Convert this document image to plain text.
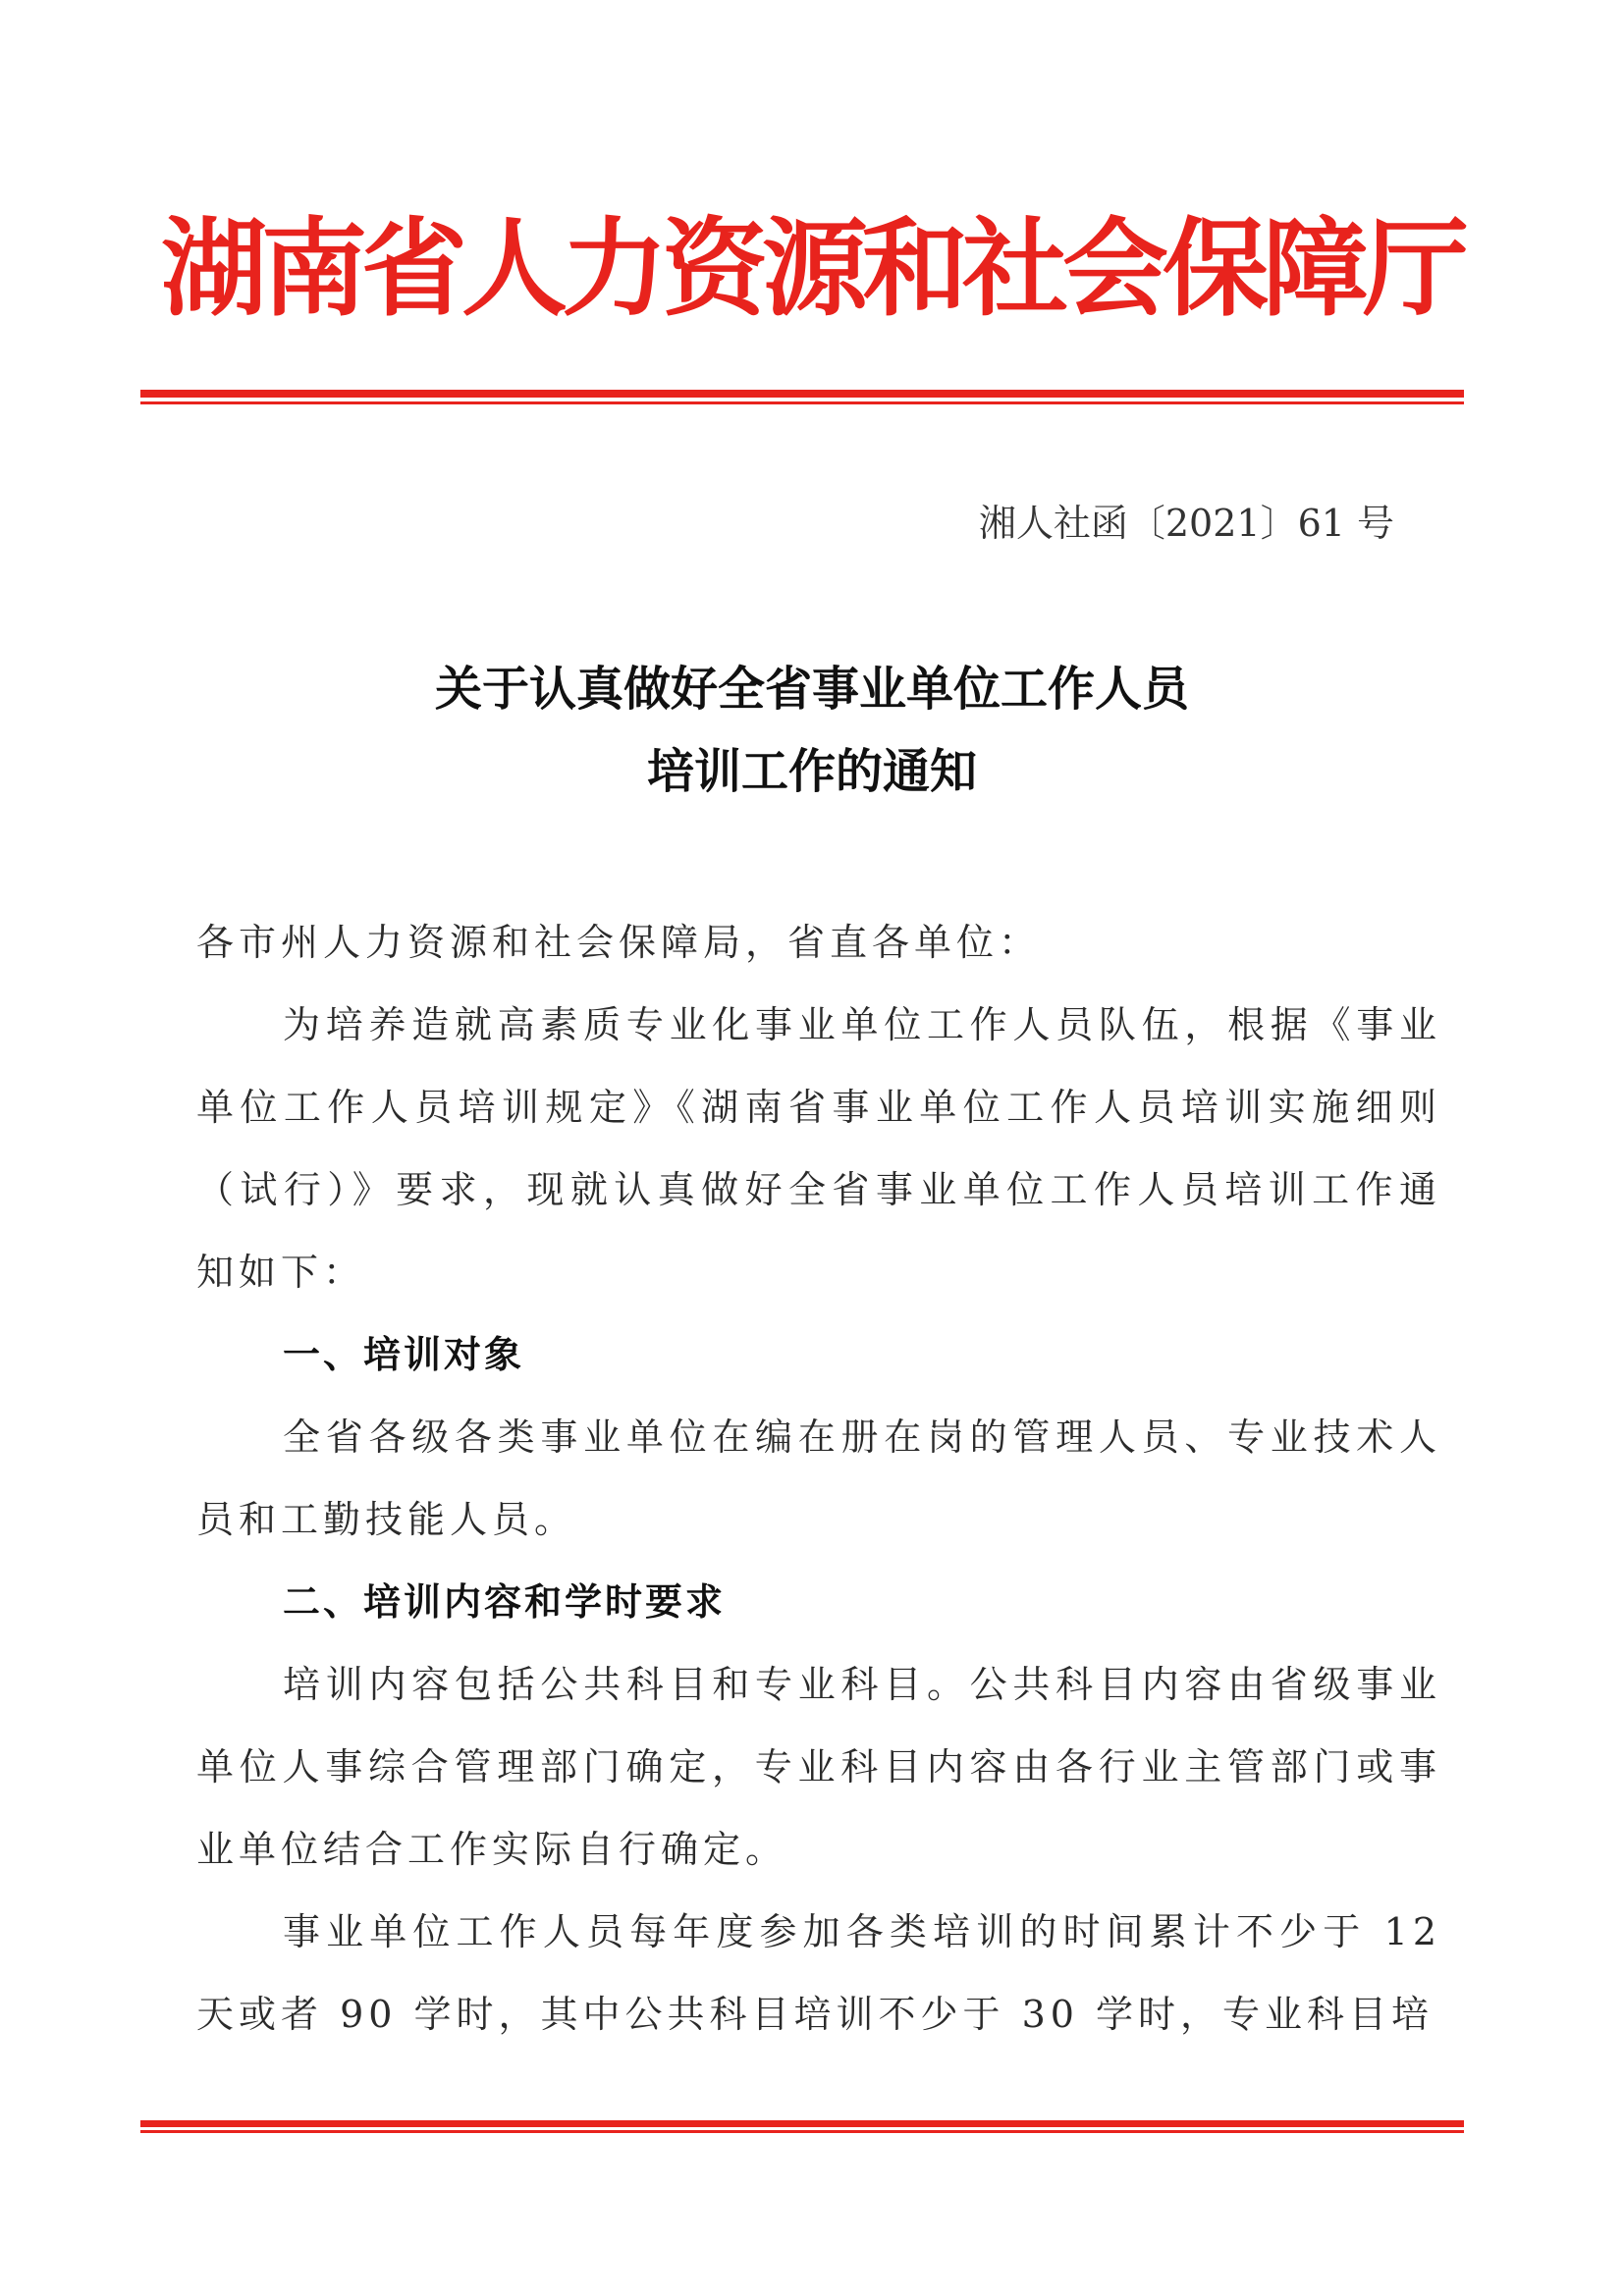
湖南省人力资源和社会保障厅
湘人社函〔2021〕61 号
关于认真做好全省事业单位工作人员
培训工作的通知

各市州人力资源和社会保障局，省直各单位：

为培养造就高素质专业化事业单位工作人员队伍，根据《事业单位工作人员培训规定》《湖南省事业单位工作人员培训实施细则（试行）》要求，现就认真做好全省事业单位工作人员培训工作通知如下：

一、培训对象

全省各级各类事业单位在编在册在岗的管理人员、专业技术人员和工勤技能人员。

二、培训内容和学时要求

培训内容包括公共科目和专业科目。公共科目内容由省级事业单位人事综合管理部门确定，专业科目内容由各行业主管部门或事业单位结合工作实际自行确定。

事业单位工作人员每年度参加各类培训的时间累计不少于 12 天或者 90 学时，其中公共科目培训不少于 30 学时，专业科目培
